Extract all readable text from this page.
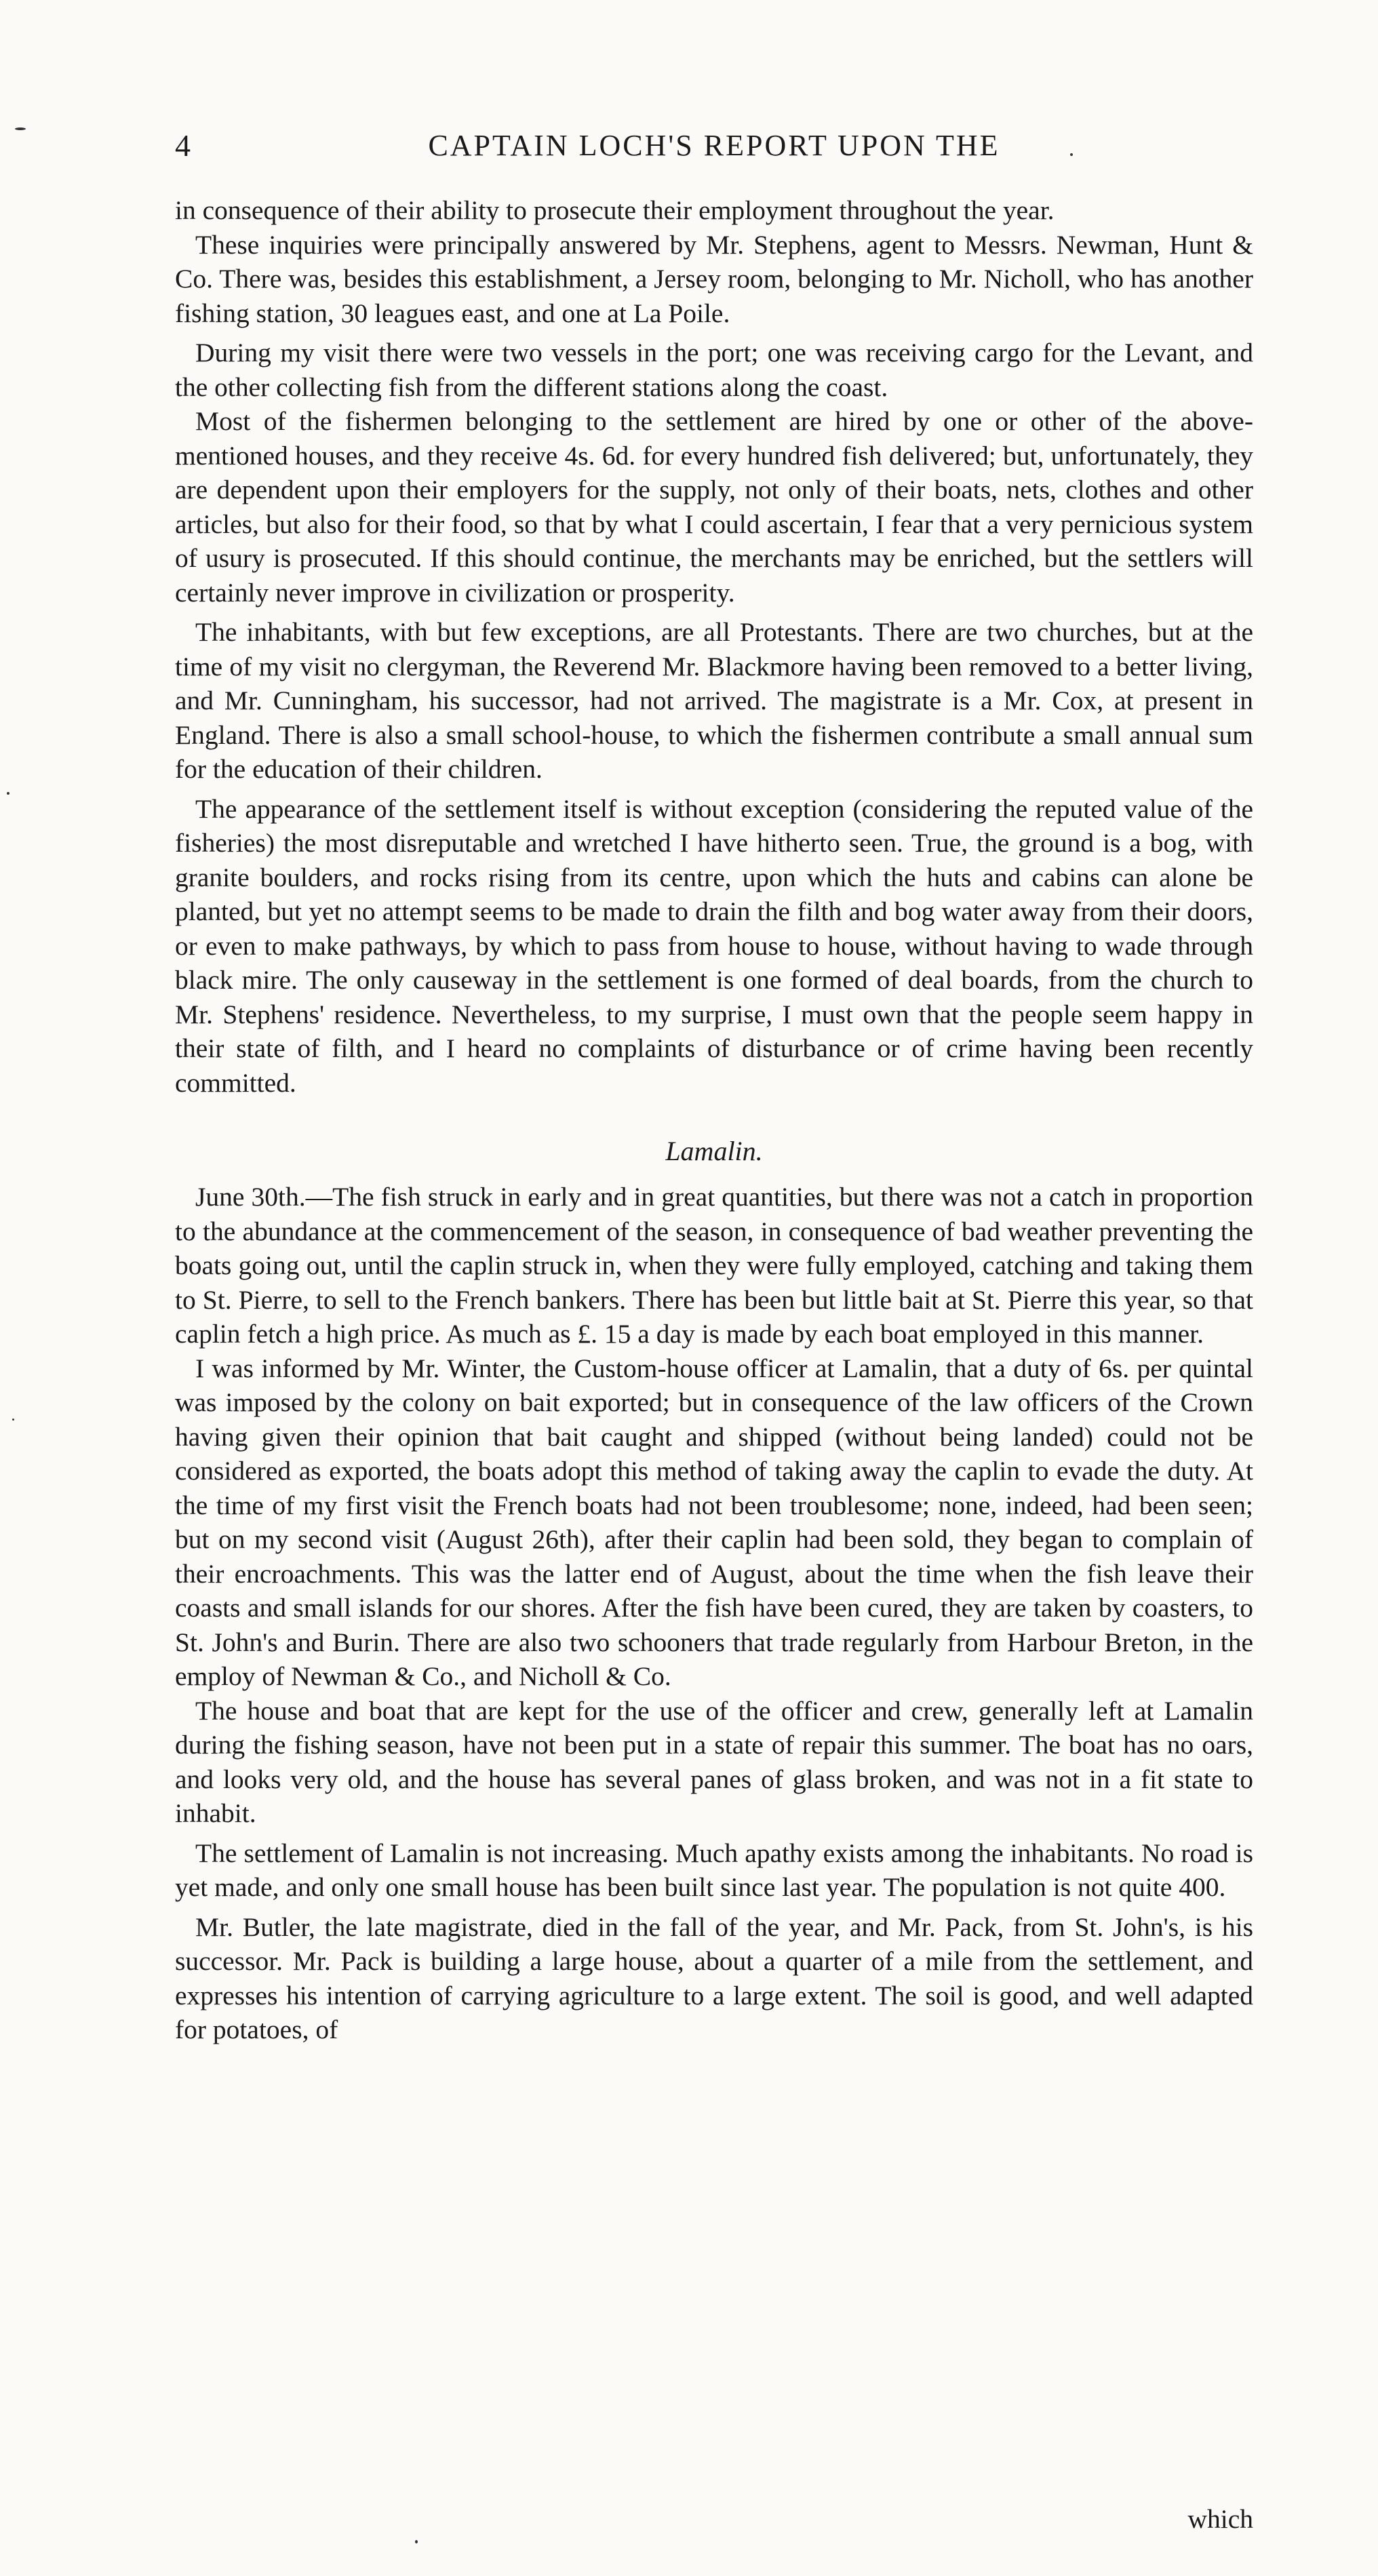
4	CAPTAIN LOCH'S REPORT UPON THE

in consequence of their ability to prosecute their employment throughout the year.

These inquiries were principally answered by Mr. Stephens, agent to Messrs. Newman, Hunt & Co. There was, besides this establishment, a Jersey room, belonging to Mr. Nicholl, who has another fishing station, 30 leagues east, and one at La Poile.

During my visit there were two vessels in the port; one was receiving cargo for the Levant, and the other collecting fish from the different stations along the coast.

Most of the fishermen belonging to the settlement are hired by one or other of the above-mentioned houses, and they receive 4s. 6d. for every hundred fish delivered; but, unfortunately, they are dependent upon their employers for the supply, not only of their boats, nets, clothes and other articles, but also for their food, so that by what I could ascertain, I fear that a very pernicious system of usury is prosecuted. If this should continue, the merchants may be enriched, but the settlers will certainly never improve in civilization or prosperity.

The inhabitants, with but few exceptions, are all Protestants. There are two churches, but at the time of my visit no clergyman, the Reverend Mr. Blackmore having been removed to a better living, and Mr. Cunningham, his successor, had not arrived. The magistrate is a Mr. Cox, at present in England. There is also a small school-house, to which the fishermen contribute a small annual sum for the education of their children.

The appearance of the settlement itself is without exception (considering the reputed value of the fisheries) the most disreputable and wretched I have hitherto seen. True, the ground is a bog, with granite boulders, and rocks rising from its centre, upon which the huts and cabins can alone be planted, but yet no attempt seems to be made to drain the filth and bog water away from their doors, or even to make pathways, by which to pass from house to house, without having to wade through black mire. The only causeway in the settlement is one formed of deal boards, from the church to Mr. Stephens' residence. Nevertheless, to my surprise, I must own that the people seem happy in their state of filth, and I heard no complaints of disturbance or of crime having been recently committed.

Lamalin.

June 30th.—The fish struck in early and in great quantities, but there was not a catch in proportion to the abundance at the commencement of the season, in consequence of bad weather preventing the boats going out, until the caplin struck in, when they were fully employed, catching and taking them to St. Pierre, to sell to the French bankers. There has been but little bait at St. Pierre this year, so that caplin fetch a high price. As much as £. 15 a day is made by each boat employed in this manner.

I was informed by Mr. Winter, the Custom-house officer at Lamalin, that a duty of 6s. per quintal was imposed by the colony on bait exported; but in consequence of the law officers of the Crown having given their opinion that bait caught and shipped (without being landed) could not be considered as exported, the boats adopt this method of taking away the caplin to evade the duty. At the time of my first visit the French boats had not been troublesome; none, indeed, had been seen; but on my second visit (August 26th), after their caplin had been sold, they began to complain of their encroachments. This was the latter end of August, about the time when the fish leave their coasts and small islands for our shores. After the fish have been cured, they are taken by coasters, to St. John's and Burin. There are also two schooners that trade regularly from Harbour Breton, in the employ of Newman & Co., and Nicholl & Co.

The house and boat that are kept for the use of the officer and crew, generally left at Lamalin during the fishing season, have not been put in a state of repair this summer. The boat has no oars, and looks very old, and the house has several panes of glass broken, and was not in a fit state to inhabit.

The settlement of Lamalin is not increasing. Much apathy exists among the inhabitants. No road is yet made, and only one small house has been built since last year. The population is not quite 400.

Mr. Butler, the late magistrate, died in the fall of the year, and Mr. Pack, from St. John's, is his successor. Mr. Pack is building a large house, about a quarter of a mile from the settlement, and expresses his intention of carrying agriculture to a large extent. The soil is good, and well adapted for potatoes, of

which
